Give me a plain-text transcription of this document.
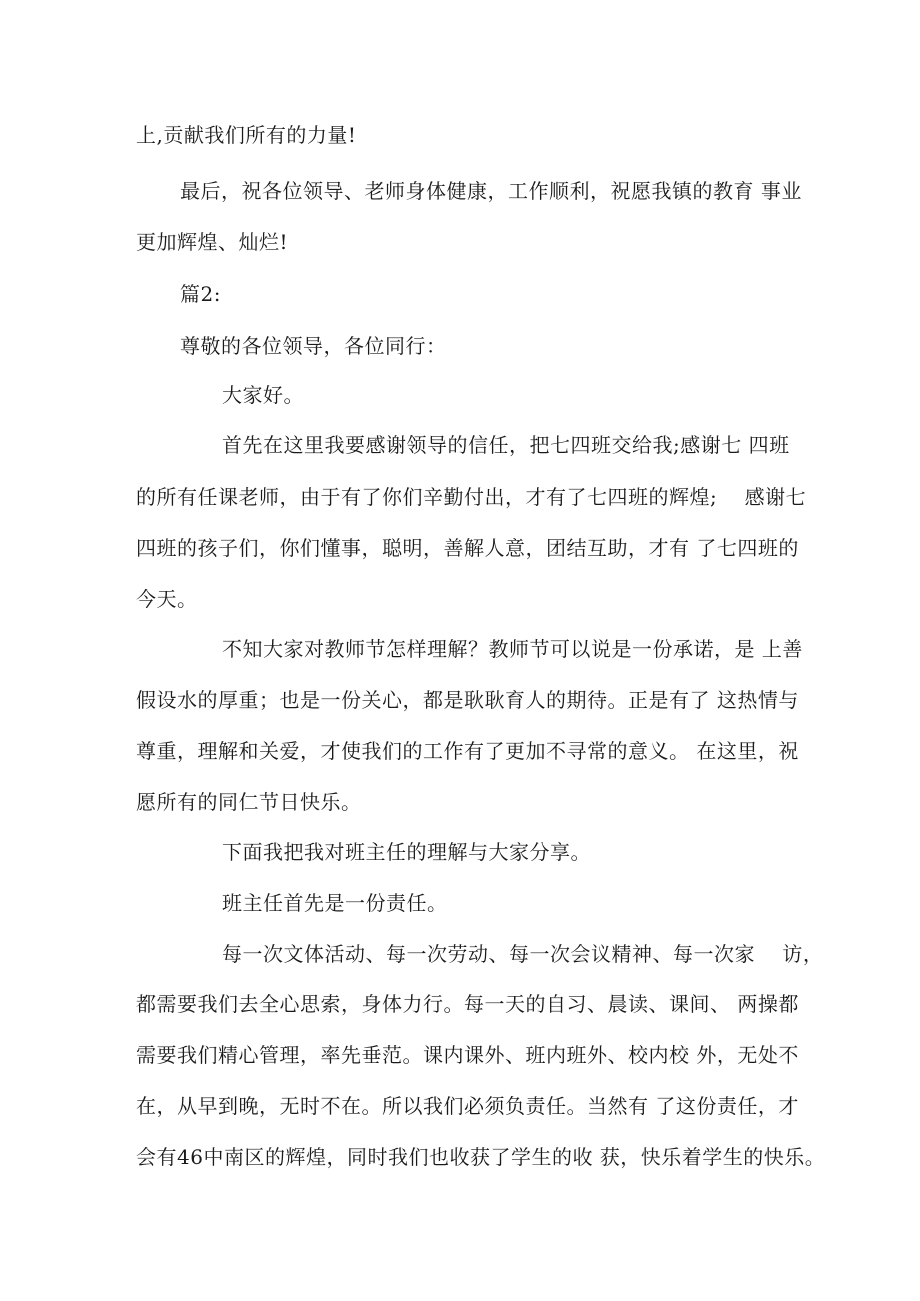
上,贡献我们所有的力量!
最后，祝各位领导、老师身体健康，工作顺利，祝愿我镇的教育 事业
更加辉煌、灿烂!
篇2:
尊敬的各位领导，各位同行：
大家好。
首先在这里我要感谢领导的信任，把七四班交给我;感谢七 四班
的所有任课老师，由于有了你们辛勤付出，才有了七四班的辉煌;    感谢七
四班的孩子们，你们懂事，聪明，善解人意，团结互助，才有 了七四班的
今天。
不知大家对教师节怎样理解？教师节可以说是一份承诺，是 上善
假设水的厚重；也是一份关心，都是耿耿育人的期待。正是有了 这热情与
尊重，理解和关爱，才使我们的工作有了更加不寻常的意义。 在这里，祝
愿所有的同仁节日快乐。
下面我把我对班主任的理解与大家分享。
班主任首先是一份责任。
每一次文体活动、每一次劳动、每一次会议精神、每一次家    访，
都需要我们去全心思索，身体力行。每一天的自习、晨读、课间、 两操都
需要我们精心管理，率先垂范。课内课外、班内班外、校内校 外，无处不
在，从早到晚，无时不在。所以我们必须负责任。当然有 了这份责任，才
会有46中南区的辉煌，同时我们也收获了学生的收 获，快乐着学生的快乐。
